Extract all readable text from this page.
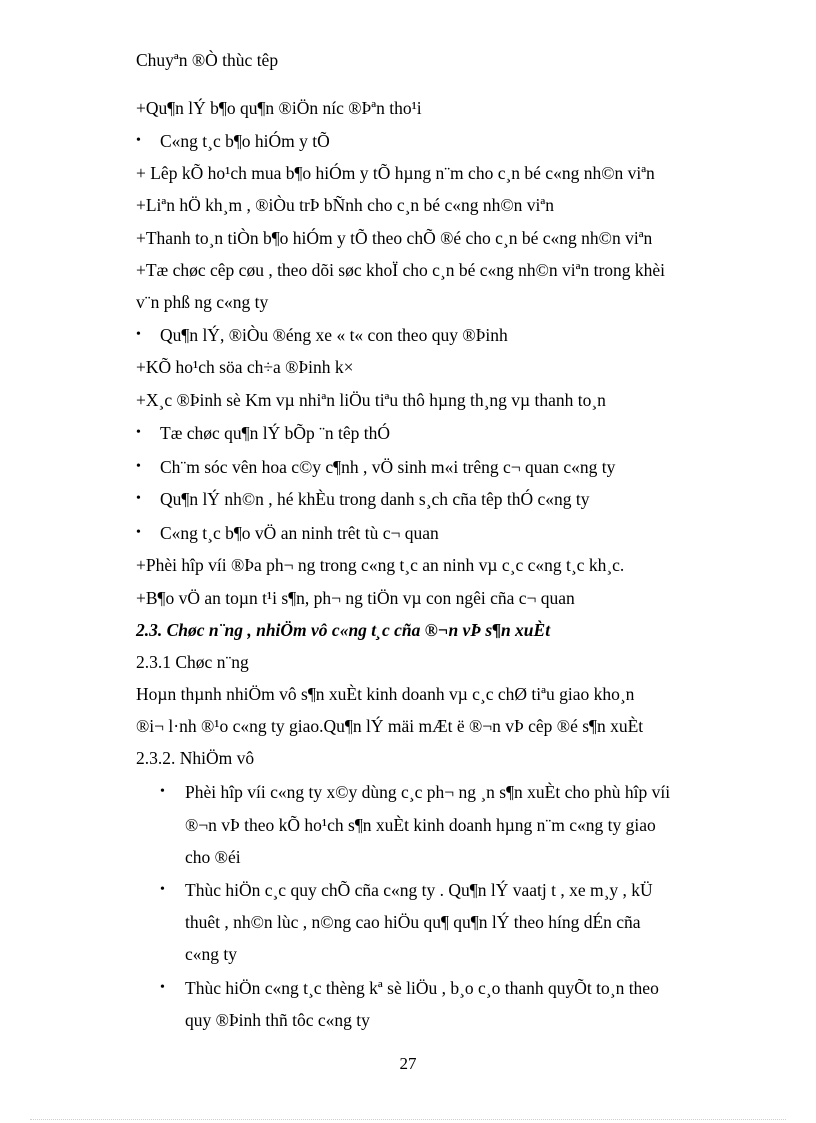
Chuyªn ®Ò thùc têp
+Qu¶n lÝ b¶o qu¶n ®iÖn níc ®Þªn tho¹i
• C«ng t¸c b¶o hiÓm y tÕ
+ Lêp kÕ ho¹ch mua b¶o hiÓm y tÕ hµng n¨m cho c¸n bé c«ng nh©n viªn
+Liªn hÖ kh¸m , ®iÒu trÞ bÑnh cho c¸n bé c«ng nh©n viªn
+Thanh to¸n tiÒn b¶o hiÓm y tÕ theo chÕ ®é cho c¸n bé c«ng nh©n viªn
+Tæ chøc cêp cøu , theo dõi søc khoÏ cho c¸n bé c«ng nh©n viªn trong khèi
v¨n phß ng c«ng ty
• Qu¶n lÝ, ®iÒu ®éng xe « t« con theo quy ®Þinh
+KÕ ho¹ch söa ch÷a ®Þinh k×
+X¸c ®Þinh sè Km vµ nhiªn liÖu tiªu thô hµng th¸ng vµ thanh to¸n
• Tæ chøc qu¶n lÝ bÕp ¨n têp thÓ
• Ch¨m sóc vên hoa c©y c¶nh , vÖ sinh m«i trêng c¬ quan c«ng ty
• Qu¶n lÝ nh©n , hé khÈu trong danh s¸ch cña têp thÓ c«ng ty
• C«ng t¸c b¶o vÖ an ninh trêt tù c¬ quan
+Phèi hîp víi ®Þa ph¬ ng trong c«ng t¸c an ninh vµ c¸c c«ng t¸c kh¸c.
+B¶o vÖ an toµn t¹i s¶n, ph¬ ng tiÖn vµ con ngêi cña c¬ quan
2.3. Chøc n¨ng , nhiÖm vô c«ng t¸c cña ®¬n vÞ s¶n xuÈt
2.3.1 Chøc n¨ng
Hoµn thµnh nhiÖm vô s¶n xuÈt kinh doanh vµ c¸c chØ tiªu giao kho¸n
®i¬ l·nh ®¹o c«ng ty giao.Qu¶n lÝ mäi mÆt ë ®¬n vÞ cêp ®é s¶n xuÈt
2.3.2. NhiÖm vô
• Phèi hîp víi c«ng ty x©y dùng c¸c ph¬ ng ¸n s¶n xuÈt cho phù hîp víi
®¬n vÞ theo kÕ ho¹ch s¶n xuÈt kinh doanh hµng n¨m c«ng ty giao
cho ®éi
• Thùc hiÖn c¸c quy chÕ cña c«ng ty . Qu¶n lÝ vaatj t , xe m¸y , kÜ
thuêt , nh©n lùc , n©ng cao hiÖu qu¶ qu¶n lÝ theo híng dÉn cña
c«ng ty
• Thùc hiÖn c«ng t¸c thèng kª sè liÖu , b¸o c¸o thanh quyÕt to¸n theo
quy ®Þinh thñ tôc c«ng ty
27
